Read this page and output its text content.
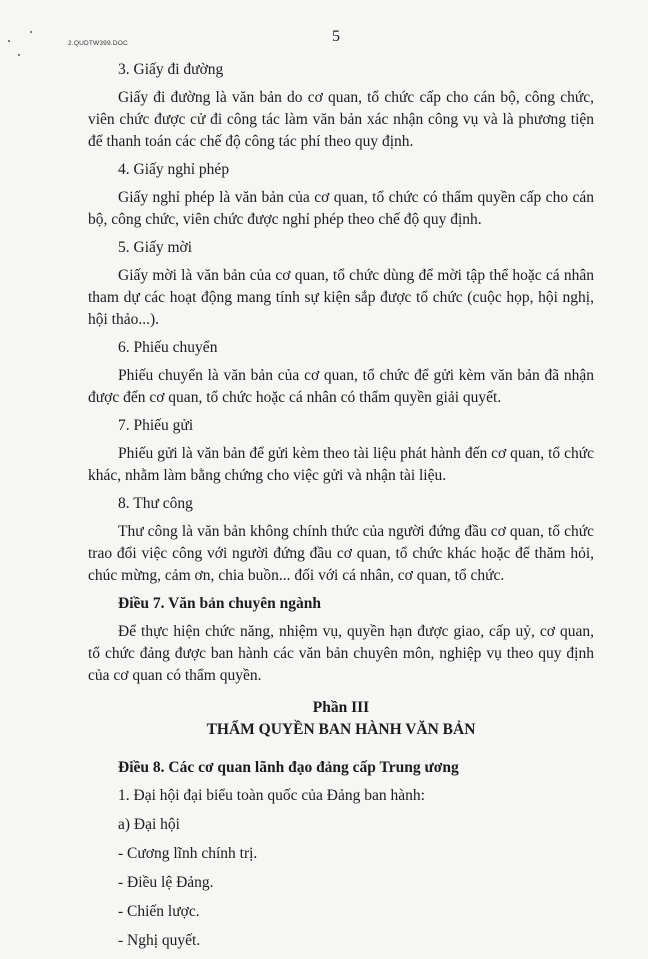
2.QUDTW399.DOC	5

3. Giấy đi đường

Giấy đi đường là văn bản do cơ quan, tổ chức cấp cho cán bộ, công chức, viên chức được cử đi công tác làm văn bản xác nhận công vụ và là phương tiện để thanh toán các chế độ công tác phí theo quy định.

4. Giấy nghỉ phép

Giấy nghỉ phép là văn bản của cơ quan, tổ chức có thẩm quyền cấp cho cán bộ, công chức, viên chức được nghỉ phép theo chế độ quy định.

5. Giấy mời

Giấy mời là văn bản của cơ quan, tổ chức dùng để mời tập thể hoặc cá nhân tham dự các hoạt động mang tính sự kiện sắp được tổ chức (cuộc họp, hội nghị, hội thảo...).

6. Phiếu chuyển

Phiếu chuyển là văn bản của cơ quan, tổ chức để gửi kèm văn bản đã nhận được đến cơ quan, tổ chức hoặc cá nhân có thẩm quyền giải quyết.

7. Phiếu gửi

Phiếu gửi là văn bản để gửi kèm theo tài liệu phát hành đến cơ quan, tổ chức khác, nhằm làm bằng chứng cho việc gửi và nhận tài liệu.

8. Thư công

Thư công là văn bản không chính thức của người đứng đầu cơ quan, tổ chức trao đổi việc công với người đứng đầu cơ quan, tổ chức khác hoặc để thăm hỏi, chúc mừng, cảm ơn, chia buồn... đối với cá nhân, cơ quan, tổ chức.

Điều 7. Văn bản chuyên ngành

Để thực hiện chức năng, nhiệm vụ, quyền hạn được giao, cấp uỷ, cơ quan, tổ chức đảng được ban hành các văn bản chuyên môn, nghiệp vụ theo quy định của cơ quan có thẩm quyền.

Phần III

THẨM QUYỀN BAN HÀNH VĂN BẢN

Điều 8. Các cơ quan lãnh đạo đảng cấp Trung ương

1. Đại hội đại biểu toàn quốc của Đảng ban hành:

a) Đại hội

- Cương lĩnh chính trị.

- Điều lệ Đảng.

- Chiến lược.

- Nghị quyết.
